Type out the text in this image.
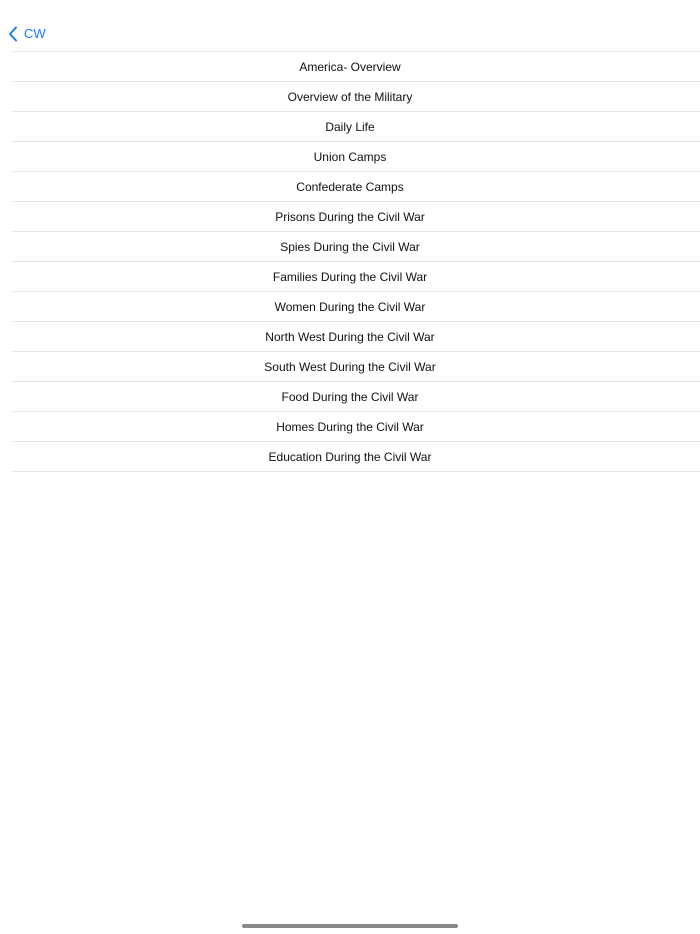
CW
America- Overview
Overview of the Military
Daily Life
Union Camps
Confederate Camps
Prisons During the Civil War
Spies During the Civil War
Families During the Civil War
Women During the Civil War
North West During the Civil War
South West During the Civil War
Food During the Civil War
Homes During the Civil War
Education During the Civil War
